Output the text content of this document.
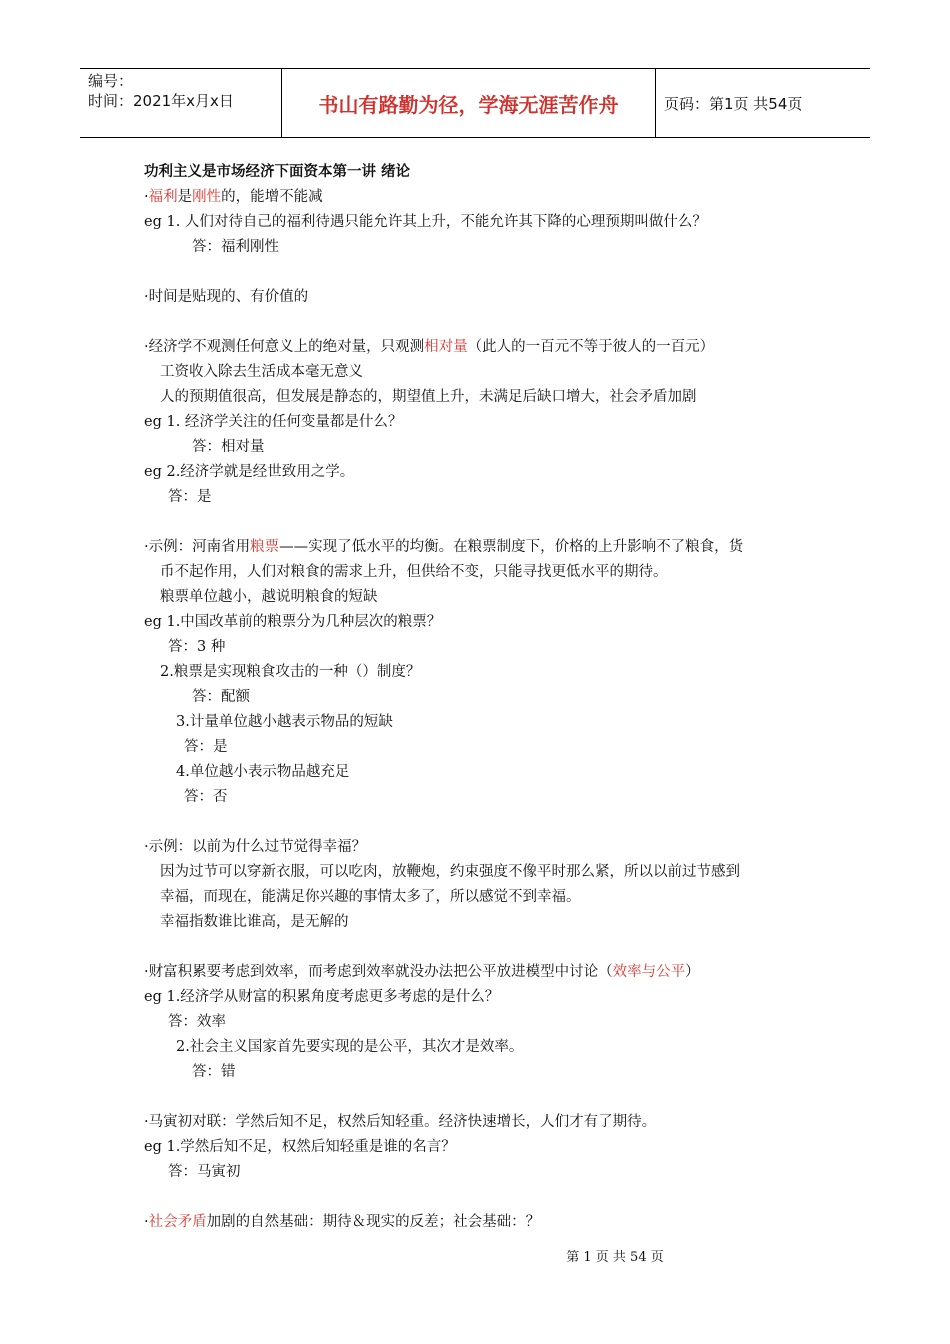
编号：
时间：2021年x月x日	书山有路勤为径，学海无涯苦作舟	页码：第1页 共54页
功利主义是市场经济下面资本第一讲 绪论
·福利是刚性的，能增不能减
eg 1. 人们对待自己的福利待遇只能允许其上升，不能允许其下降的心理预期叫做什么？
答：福利刚性
·时间是贴现的、有价值的
·经济学不观测任何意义上的绝对量，只观测相对量（此人的一百元不等于彼人的一百元）
工资收入除去生活成本毫无意义
人的预期值很高，但发展是静态的，期望值上升，未满足后缺口增大，社会矛盾加剧
eg 1. 经济学关注的任何变量都是什么？
答：相对量
eg 2.经济学就是经世致用之学。
答：是
·示例：河南省用粮票——实现了低水平的均衡。在粮票制度下，价格的上升影响不了粮食，货
币不起作用，人们对粮食的需求上升，但供给不变，只能寻找更低水平的期待。
粮票单位越小，越说明粮食的短缺
eg 1.中国改革前的粮票分为几种层次的粮票？
答：3 种
2.粮票是实现粮食攻击的一种（）制度？
答：配额
3.计量单位越小越表示物品的短缺
答：是
4.单位越小表示物品越充足
答：否
·示例：以前为什么过节觉得幸福？
因为过节可以穿新衣服，可以吃肉，放鞭炮，约束强度不像平时那么紧，所以以前过节感到
幸福，而现在，能满足你兴趣的事情太多了，所以感觉不到幸福。
幸福指数谁比谁高，是无解的
·财富积累要考虑到效率，而考虑到效率就没办法把公平放进模型中讨论（效率与公平）
eg 1.经济学从财富的积累角度考虑更多考虑的是什么？
答：效率
2.社会主义国家首先要实现的是公平，其次才是效率。
答：错
·马寅初对联：学然后知不足，权然后知轻重。经济快速增长，人们才有了期待。
eg 1.学然后知不足，权然后知轻重是谁的名言？
答：马寅初
·社会矛盾加剧的自然基础：期待＆现实的反差；社会基础：？
第 1 页 共 54 页
